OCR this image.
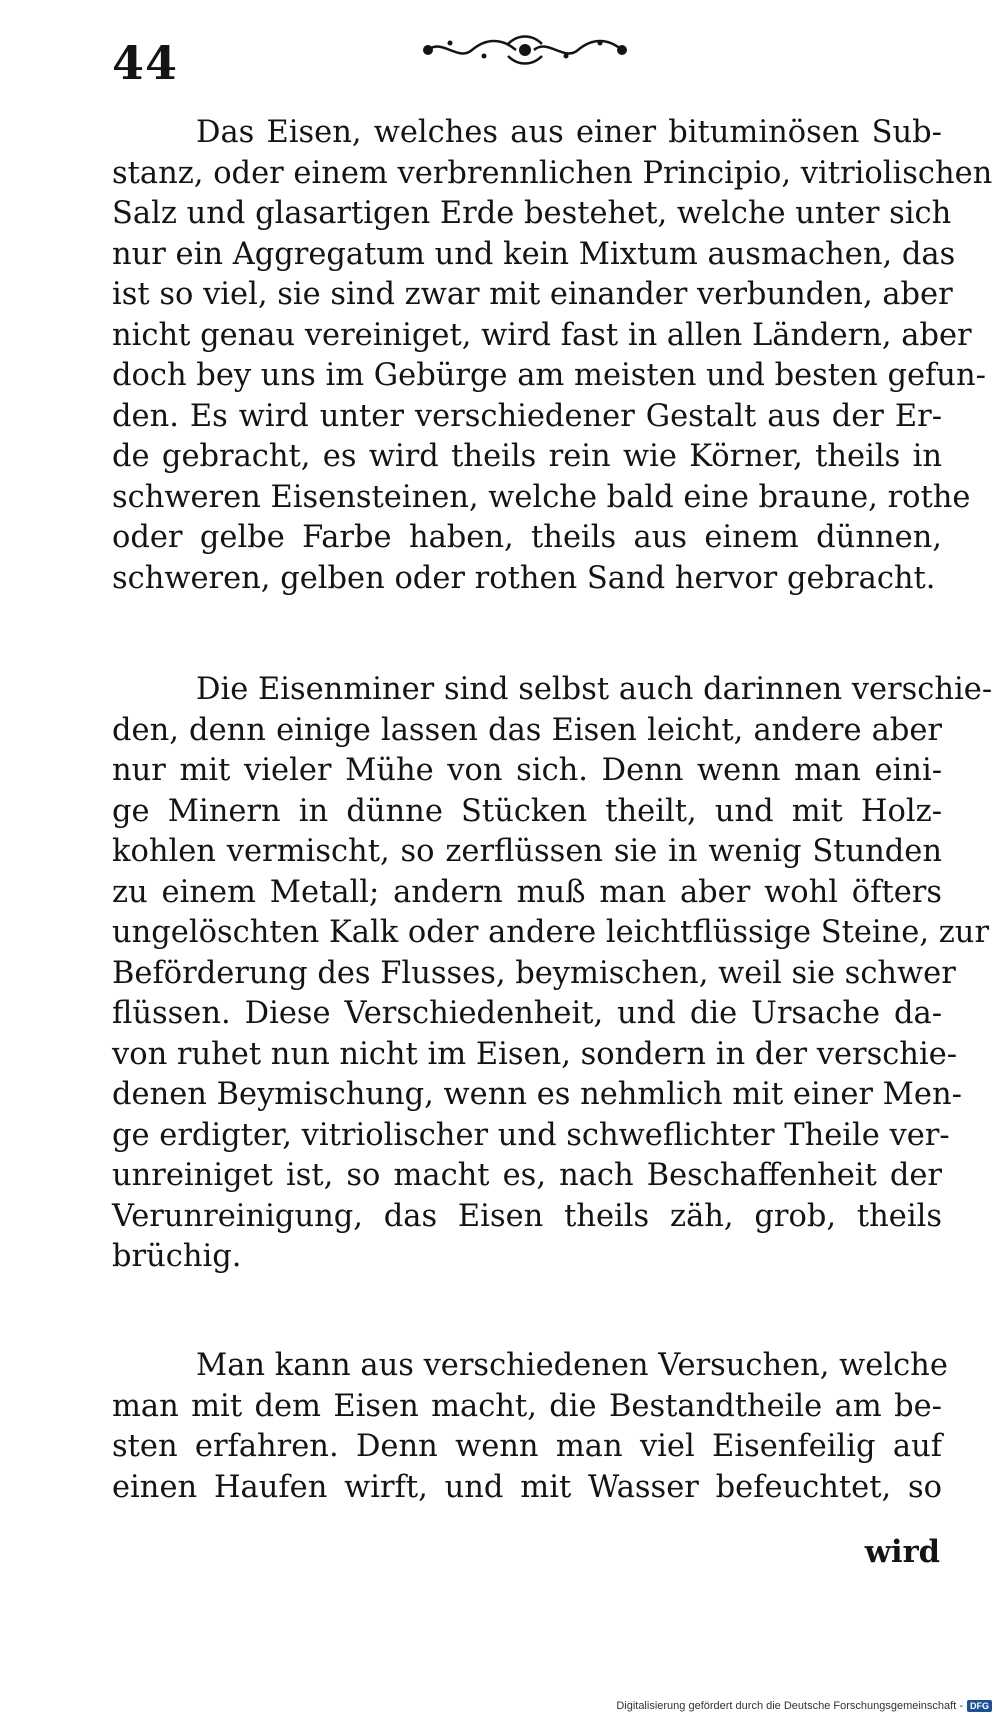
44
Das Eisen, welches aus einer bituminösen Sub-
stanz, oder einem verbrennlichen Principio, vitriolischen
Salz und glasartigen Erde bestehet, welche unter sich
nur ein Aggregatum und kein Mixtum ausmachen, das
ist so viel, sie sind zwar mit einander verbunden, aber
nicht genau vereiniget, wird fast in allen Ländern, aber
doch bey uns im Gebürge am meisten und besten gefun-
den. Es wird unter verschiedener Gestalt aus der Er-
de gebracht, es wird theils rein wie Körner, theils in
schweren Eisensteinen, welche bald eine braune, rothe
oder gelbe Farbe haben, theils aus einem dünnen,
schweren, gelben oder rothen Sand hervor gebracht.
Die Eisenminer sind selbst auch darinnen verschie-
den, denn einige lassen das Eisen leicht, andere aber
nur mit vieler Mühe von sich. Denn wenn man eini-
ge Minern in dünne Stücken theilt, und mit Holz-
kohlen vermischt, so zerflüssen sie in wenig Stunden
zu einem Metall; andern muß man aber wohl öfters
ungelöschten Kalk oder andere leichtflüssige Steine, zur
Beförderung des Flusses, beymischen, weil sie schwer
flüssen. Diese Verschiedenheit, und die Ursache da-
von ruhet nun nicht im Eisen, sondern in der verschie-
denen Beymischung, wenn es nehmlich mit einer Men-
ge erdigter, vitriolischer und schweflichter Theile ver-
unreiniget ist, so macht es, nach Beschaffenheit der
Verunreinigung, das Eisen theils zäh, grob, theils
brüchig.
Man kann aus verschiedenen Versuchen, welche
man mit dem Eisen macht, die Bestandtheile am be-
sten erfahren. Denn wenn man viel Eisenfeilig auf
einen Haufen wirft, und mit Wasser befeuchtet, so
wird
Digitalisierung gefördert durch die Deutsche Forschungsgemeinschaft - DFG
